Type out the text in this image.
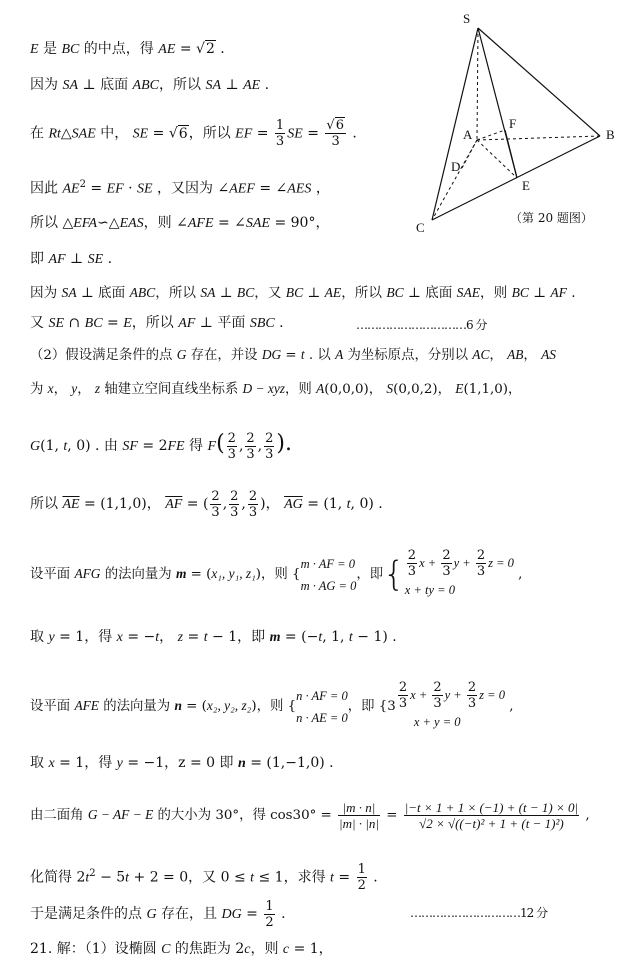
S
A	B
C
D
E
F
（第 20 题图）
E 是 BC 的中点，得 AE = √2 .
因为 SA ⊥ 底面 ABC，所以 SA ⊥ AE .
在 Rt△SAE 中， SE = √6，所以 EF = $\frac{1}{3}$ SE = $\frac{√6}{3}$ .
因此 $AE^2$ = EF · SE ，又因为 ∠AEF = ∠AES ，
所以 △EFA∽△EAS，则 ∠AFE = ∠SAE = 90°，
即 AF ⊥ SE .
因为 SA ⊥ 底面 ABC，所以 SA ⊥ BC，又 BC ⊥ AE，所以 BC ⊥ 底面 SAE，则 BC ⊥ AF .
又 SE ∩ BC = E，所以 AF ⊥ 平面 SBC .	…………………………6 分
（2）假设满足条件的点 G 存在，并设 DG = t . 以 A 为坐标原点，分别以 AC， AB， AS
为 x， y， z 轴建立空间直线坐标系 D − xyz，则 A(0,0,0)， S(0,0,2)， E(1,1,0)，
G(1, t, 0) . 由 SF = 2FE 得 $F( \frac{2}{3}$ , $\frac{2}{3}$ , $\frac{2}{3}$ ).
所以 $\overline{AE} = (1,1,0)$， $\overline{AF}$ = ( $\frac{2}{3}$ , $\frac{2}{3}$ , $\frac{2}{3}$ )， $\overline{AG} = (1$, t, 0) .
设平面 AFG 的法向量为 m = (x₁, y₁, z₁)，则 {
m · AF = 0
m · AG = 0
，即{ $\frac{2}{3}$ $x + \frac{2}{3}$ $y + \frac{2}{3}$ z = 0
x + ty = 0
,
取 y = 1，得 x = −t， z = t − 1，即 m = (−t, 1, t − 1) .
设平面 AFE 的法向量为 n = (x₂, y₂, z₂)，则 {
n · AF = 0
n · AE = 0
，即 {$3 \frac{2}{3}$ $x + \frac{2}{3}$ $y + \frac{2}{3}$ z = 0
x + y = 0
,
取 x = 1，得 y = −1，z = 0 即 n = (1,−1,0) .
由二面角 G − AF − E 的大小为 30°，得 $\cos 30^\circ = \frac{|m \cdot n|}{|m| \cdot |n|} = \frac{|-t \times 1 + 1 \times (-1) + (t - 1) \times 0|}{\text{√2 × √((−t)² + 1 + (t − 1)²)}}$ ,
化简得 $2t^2 - 5t + 2 = 0$，又 0 ≤ t ≤ 1，求得 $t = \frac{1}{2}$ .
于是满足条件的点 G 存在，且 DG = $\frac{1}{2}$ .	…………………………12 分
21. 解：（1）设椭圆 C 的焦距为 2c，则 c = 1，
